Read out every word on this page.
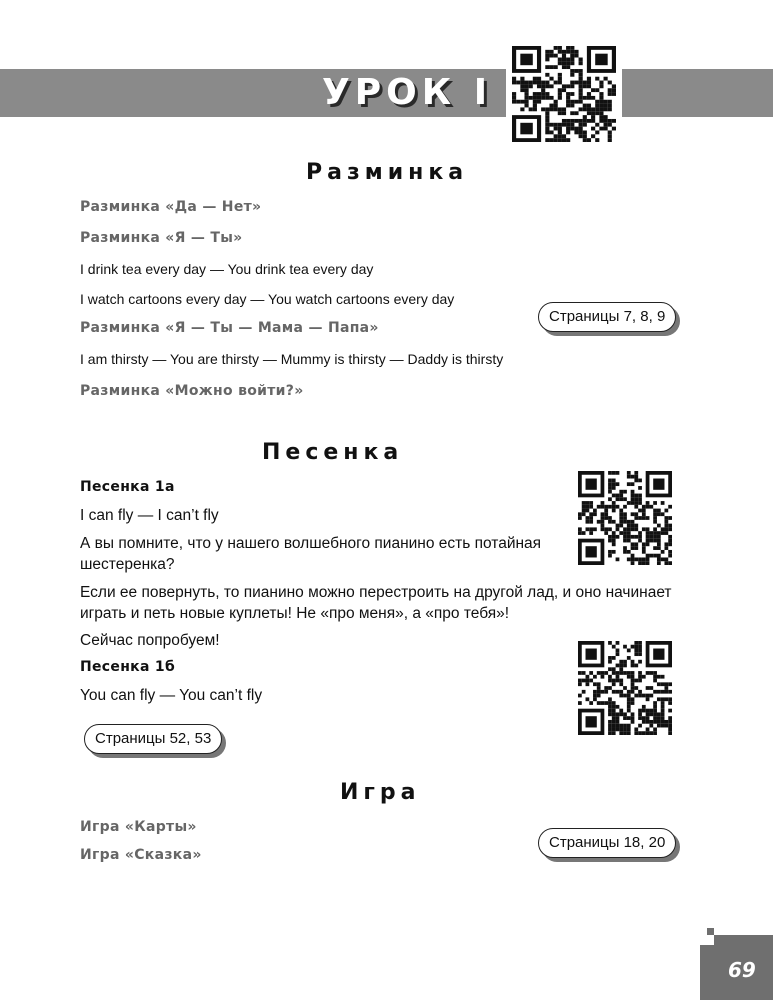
УРОК I
Разминка
Разминка «Да — Нет»
Разминка «Я — Ты»
I drink tea every day — You drink tea every day
I watch cartoons every day — You watch cartoons every day
Разминка «Я — Ты — Мама — Папа»
I am thirsty — You are thirsty — Mummy is thirsty — Daddy is thirsty
Разминка «Можно войти?»
Страницы 7, 8, 9
Песенка
Песенка 1а
I can fly — I can’t fly
А вы помните, что у нашего волшебного пианино есть потайная шестеренка?
Если ее повернуть, то пианино можно перестроить на другой лад, и оно начинает играть и петь новые куплеты! Не «про меня», а «про тебя»!
Сейчас попробуем!
Песенка 1б
You can fly — You can’t fly
Страницы 52, 53
Игра
Игра «Карты»
Игра «Сказка»
Страницы 18, 20
69
